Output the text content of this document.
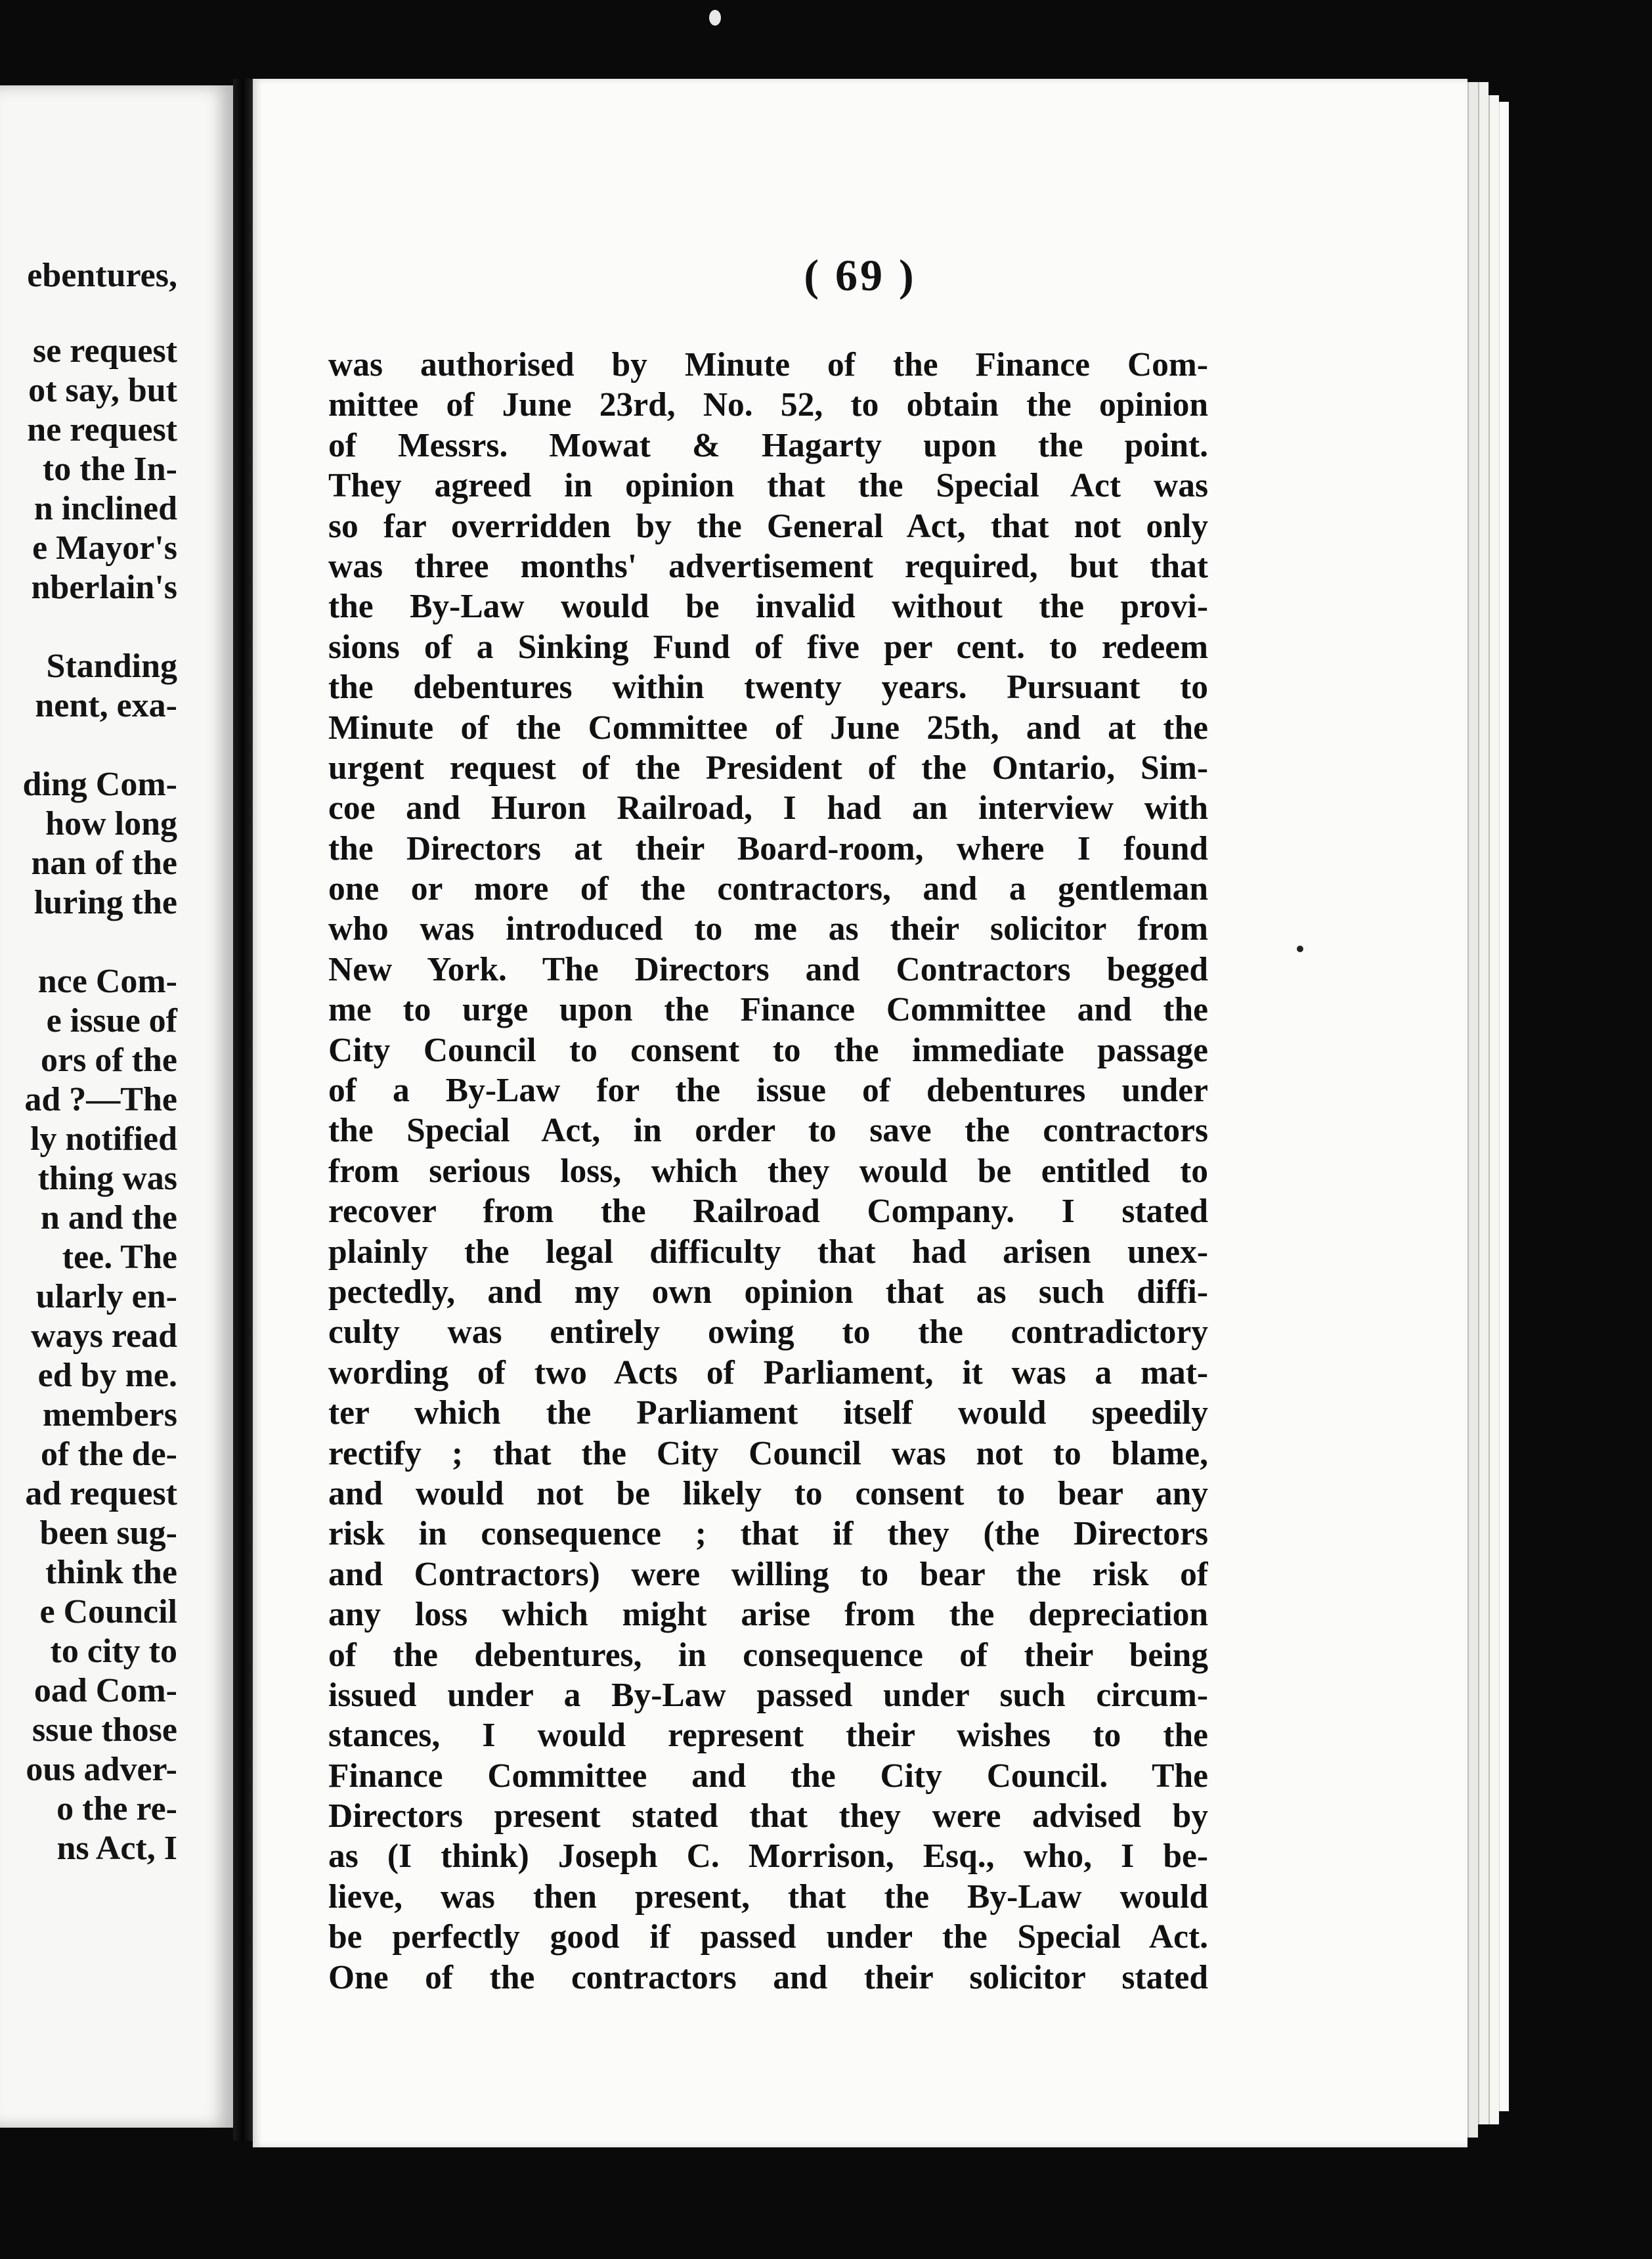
ebentures,
se request
ot say, but
ne request
to the In-
n inclined
e Mayor's
nberlain's
Standing
nent, exa-
ding Com-
how long
nan of the
luring the
nce Com-
e issue of
ors of the
ad ?—The
ly notified
thing was
n and the
tee. The
ularly en-
ways read
ed by me.
members
of the de-
ad request
been sug-
think the
e Council
to city to
oad Com-
ssue those
ous adver-
o the re-
ns Act, I
( 69 )
was authorised by Minute of the Finance Com-
mittee of June 23rd, No. 52, to obtain the opinion
of Messrs. Mowat & Hagarty upon the point.
They agreed in opinion that the Special Act was
so far overridden by the General Act, that not only
was three months' advertisement required, but that
the By-Law would be invalid without the provi-
sions of a Sinking Fund of five per cent. to redeem
the debentures within twenty years. Pursuant to
Minute of the Committee of June 25th, and at the
urgent request of the President of the Ontario, Sim-
coe and Huron Railroad, I had an interview with
the Directors at their Board-room, where I found
one or more of the contractors, and a gentleman
who was introduced to me as their solicitor from
New York. The Directors and Contractors begged
me to urge upon the Finance Committee and the
City Council to consent to the immediate passage
of a By-Law for the issue of debentures under
the Special Act, in order to save the contractors
from serious loss, which they would be entitled to
recover from the Railroad Company. I stated
plainly the legal difficulty that had arisen unex-
pectedly, and my own opinion that as such diffi-
culty was entirely owing to the contradictory
wording of two Acts of Parliament, it was a mat-
ter which the Parliament itself would speedily
rectify ; that the City Council was not to blame,
and would not be likely to consent to bear any
risk in consequence ; that if they (the Directors
and Contractors) were willing to bear the risk of
any loss which might arise from the depreciation
of the debentures, in consequence of their being
issued under a By-Law passed under such circum-
stances, I would represent their wishes to the
Finance Committee and the City Council. The
Directors present stated that they were advised by
as (I think) Joseph C. Morrison, Esq., who, I be-
lieve, was then present, that the By-Law would
be perfectly good if passed under the Special Act.
One of the contractors and their solicitor stated
